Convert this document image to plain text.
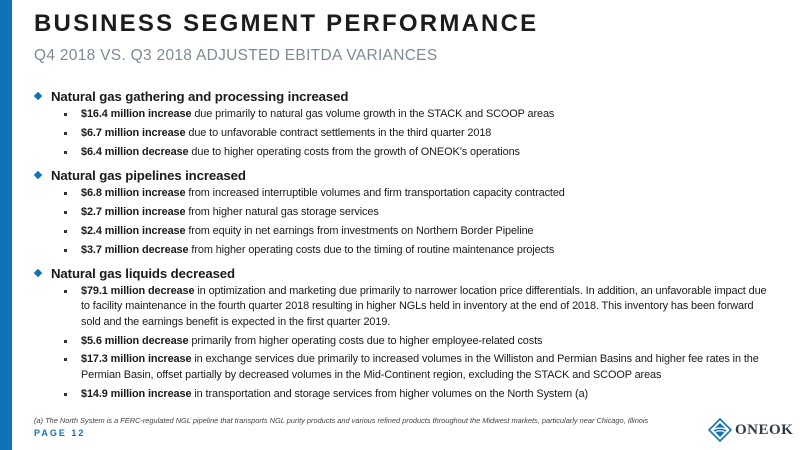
BUSINESS SEGMENT PERFORMANCE
Q4 2018 VS. Q3 2018 ADJUSTED EBITDA VARIANCES
Natural gas gathering and processing increased
$16.4 million increase due primarily to natural gas volume growth in the STACK and SCOOP areas
$6.7 million increase due to unfavorable contract settlements in the third quarter 2018
$6.4 million decrease due to higher operating costs from the growth of ONEOK’s operations
Natural gas pipelines increased
$6.8 million increase from increased interruptible volumes and firm transportation capacity contracted
$2.7 million increase from higher natural gas storage services
$2.4 million increase from equity in net earnings from investments on Northern Border Pipeline
$3.7 million decrease from higher operating costs due to the timing of routine maintenance projects
Natural gas liquids decreased
$79.1 million decrease in optimization and marketing due primarily to narrower location price differentials. In addition, an unfavorable impact due to facility maintenance in the fourth quarter 2018 resulting in higher NGLs held in inventory at the end of 2018. This inventory has been forward sold and the earnings benefit is expected in the first quarter 2019.
$5.6 million decrease primarily from higher operating costs due to higher employee-related costs
$17.3 million increase in exchange services due primarily to increased volumes in the Williston and Permian Basins and higher fee rates in the Permian Basin, offset partially by decreased volumes in the Mid-Continent region, excluding the STACK and SCOOP areas
$14.9 million increase in transportation and storage services from higher volumes on the North System (a)
(a) The North System is a FERC-regulated NGL pipeline that transports NGL purity products and various refined products throughout the Midwest markets, particularly near Chicago, Illinois
PAGE 12	ONEOK
